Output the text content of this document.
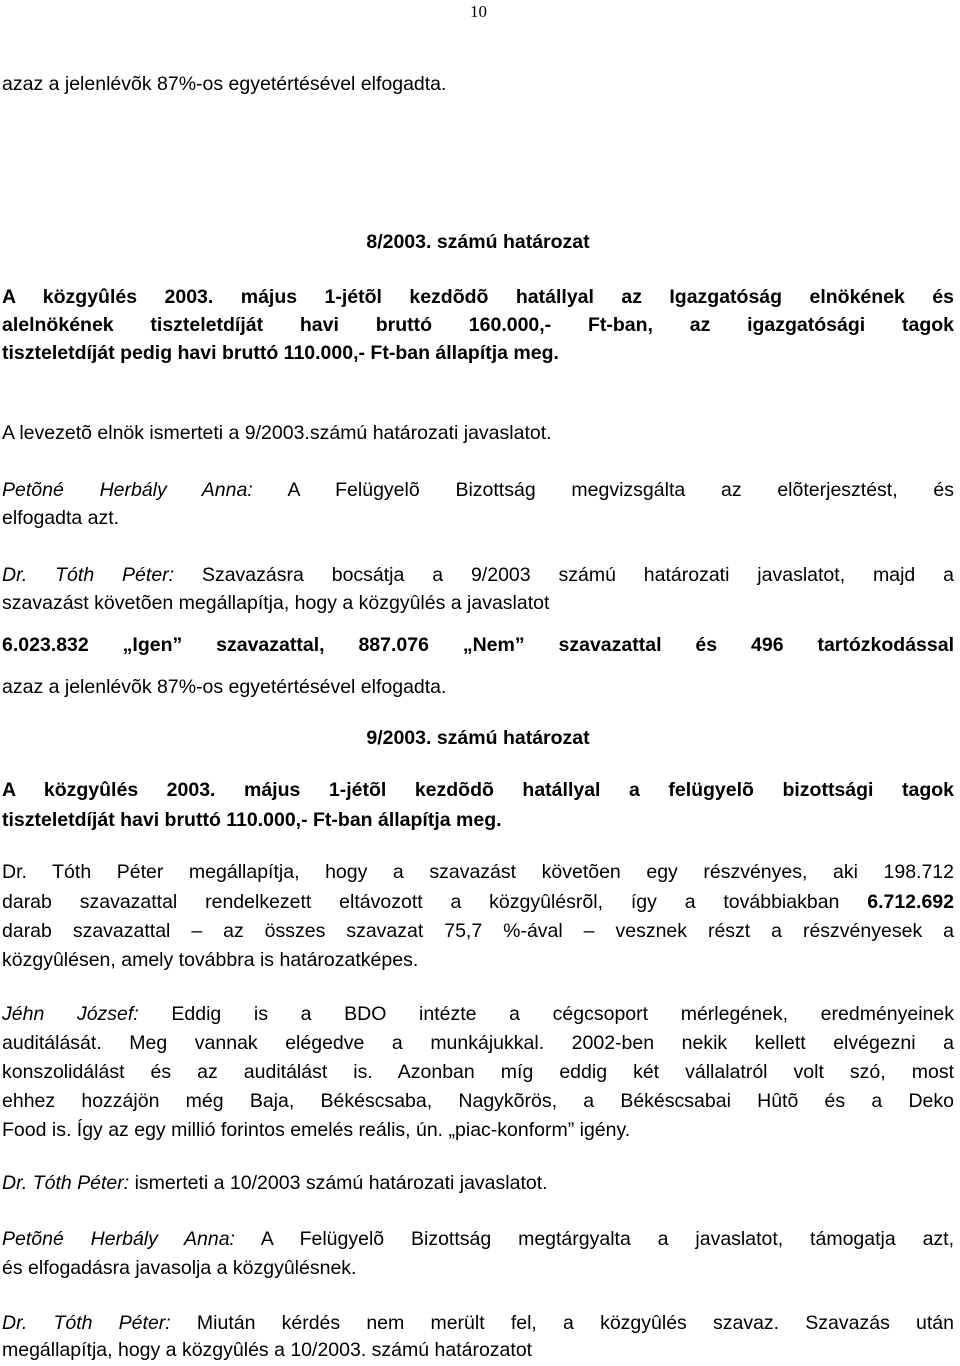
10
azaz a jelenlévõk 87%-os egyetértésével elfogadta.
8/2003. számú határozat
A közgyûlés 2003. május 1-jétõl kezdõdõ hatállyal az Igazgatóság elnökének és
alelnökének tiszteletdíját havi bruttó 160.000,- Ft-ban, az igazgatósági tagok
tiszteletdíját pedig havi bruttó 110.000,- Ft-ban állapítja meg.
A levezetõ elnök ismerteti a 9/2003.számú határozati javaslatot.
Petõné Herbály Anna: A Felügyelõ Bizottság megvizsgálta az elõterjesztést, és
elfogadta azt.
Dr. Tóth Péter: Szavazásra bocsátja a 9/2003 számú határozati javaslatot, majd a
szavazást követõen megállapítja, hogy a közgyûlés a javaslatot
6.023.832 „Igen” szavazattal, 887.076 „Nem” szavazattal és 496 tartózkodással
azaz a jelenlévõk 87%-os egyetértésével elfogadta.
9/2003. számú határozat
A közgyûlés 2003. május 1-jétõl kezdõdõ hatállyal a felügyelõ bizottsági tagok
tiszteletdíját havi bruttó 110.000,- Ft-ban állapítja meg.
Dr. Tóth Péter megállapítja, hogy a szavazást követõen egy részvényes, aki 198.712
darab szavazattal rendelkezett eltávozott a közgyûlésrõl, így a továbbiakban 6.712.692
darab szavazattal – az összes szavazat 75,7 %-ával – vesznek részt a részvényesek a
közgyûlésen, amely továbbra is határozatképes.
Jéhn József: Eddig is a BDO intézte a cégcsoport mérlegének, eredményeinek
auditálását. Meg vannak elégedve a munkájukkal. 2002-ben nekik kellett elvégezni a
konszolidálást és az auditálást is. Azonban míg eddig két vállalatról volt szó, most
ehhez hozzájön még Baja, Békéscsaba, Nagykõrös, a Békéscsabai Hûtõ és a Deko
Food is. Így az egy millió forintos emelés reális, ún. „piac-konform” igény.
Dr. Tóth Péter: ismerteti a 10/2003 számú határozati javaslatot.
Petõné Herbály Anna: A Felügyelõ Bizottság megtárgyalta a javaslatot, támogatja azt,
és elfogadásra javasolja a közgyûlésnek.
Dr. Tóth Péter: Miután kérdés nem merült fel, a közgyûlés szavaz. Szavazás után
megállapítja, hogy a közgyûlés a 10/2003. számú határozatot
